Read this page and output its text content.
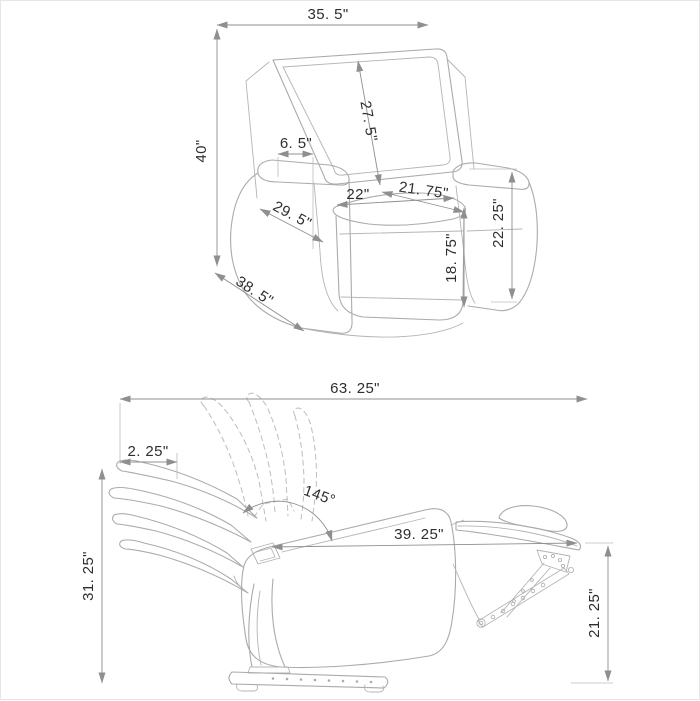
35. 5"
40"
38. 5"
27. 5"
6. 5"
22" 21. 75"
29. 5"
18. 75"
22. 25"
63. 25"
2. 25"
145°
39. 25"
31. 25"
21. 25"
